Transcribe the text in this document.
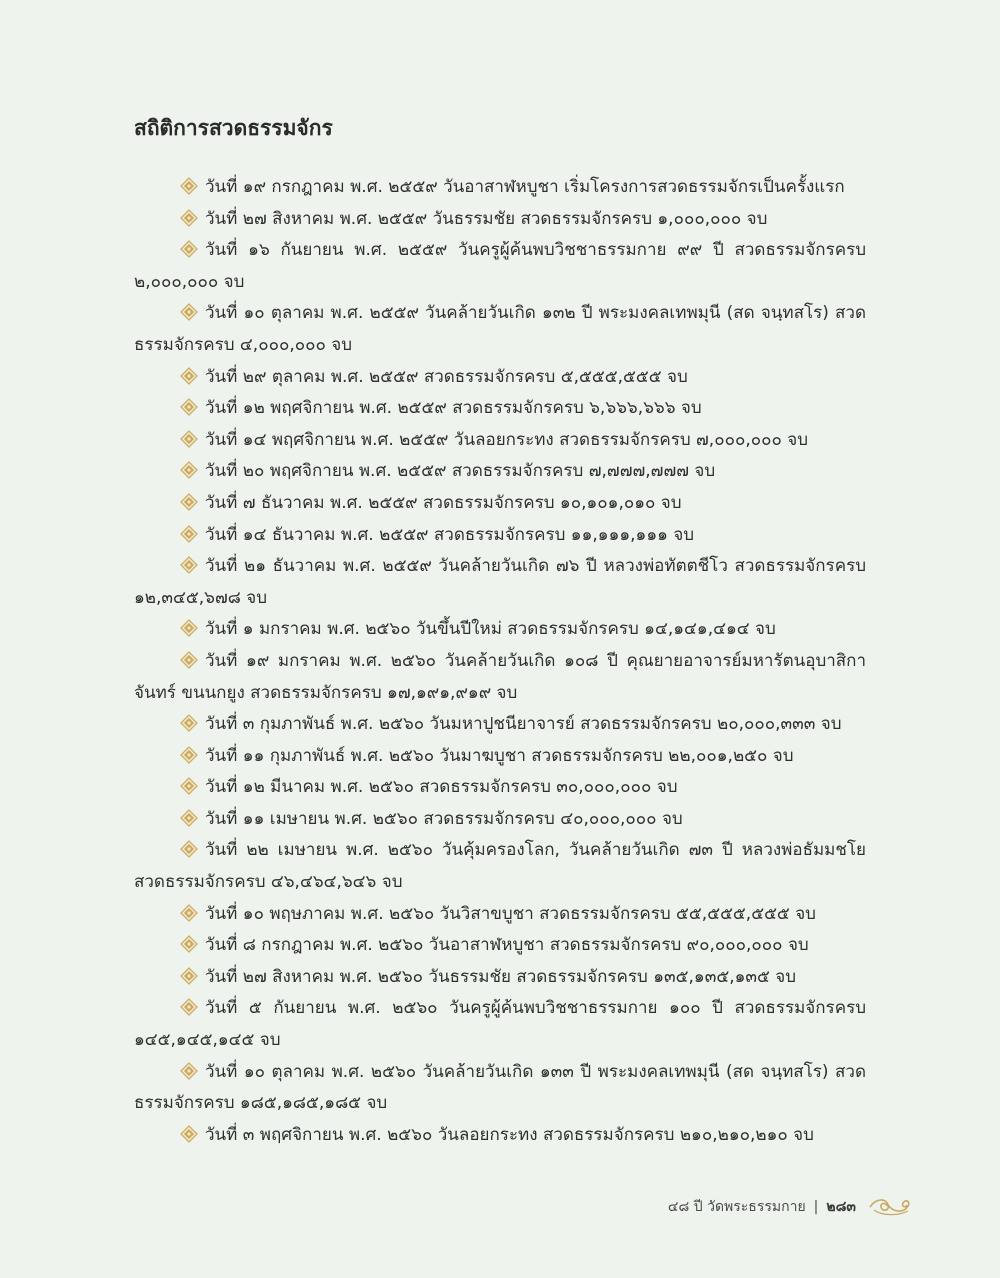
สถิติการสวดธรรมจักร
วันที่ ๑๙ กรกฎาคม พ.ศ. ๒๕๕๙ วันอาสาฬหบูชา เริ่มโครงการสวดธรรมจักรเป็นครั้งแรก
วันที่ ๒๗ สิงหาคม พ.ศ. ๒๕๕๙ วันธรรมชัย สวดธรรมจักรครบ ๑,๐๐๐,๐๐๐ จบ
วันที่ ๑๖ กันยายน พ.ศ. ๒๕๕๙ วันครูผู้ค้นพบวิชชาธรรมกาย ๙๙ ปี สวดธรรมจักรครบ ๒,๐๐๐,๐๐๐ จบ
วันที่ ๑๐ ตุลาคม พ.ศ. ๒๕๕๙ วันคล้ายวันเกิด ๑๓๒ ปี พระมงคลเทพมุนี (สด จนฺทสโร) สวดธรรมจักรครบ ๔,๐๐๐,๐๐๐ จบ
วันที่ ๒๙ ตุลาคม พ.ศ. ๒๕๕๙ สวดธรรมจักรครบ ๕,๕๕๕,๕๕๕ จบ
วันที่ ๑๒ พฤศจิกายน พ.ศ. ๒๕๕๙ สวดธรรมจักรครบ ๖,๖๖๖,๖๖๖ จบ
วันที่ ๑๔ พฤศจิกายน พ.ศ. ๒๕๕๙ วันลอยกระทง สวดธรรมจักรครบ ๗,๐๐๐,๐๐๐ จบ
วันที่ ๒๐ พฤศจิกายน พ.ศ. ๒๕๕๙ สวดธรรมจักรครบ ๗,๗๗๗,๗๗๗ จบ
วันที่ ๗ ธันวาคม พ.ศ. ๒๕๕๙ สวดธรรมจักรครบ ๑๐,๑๐๑,๐๑๐ จบ
วันที่ ๑๔ ธันวาคม พ.ศ. ๒๕๕๙ สวดธรรมจักรครบ ๑๑,๑๑๑,๑๑๑ จบ
วันที่ ๒๑ ธันวาคม พ.ศ. ๒๕๕๙ วันคล้ายวันเกิด ๗๖ ปี หลวงพ่อทัตตชีโว สวดธรรมจักรครบ ๑๒,๓๔๕,๖๗๘ จบ
วันที่ ๑ มกราคม พ.ศ. ๒๕๖๐ วันขึ้นปีใหม่ สวดธรรมจักรครบ ๑๔,๑๔๑,๔๑๔ จบ
วันที่ ๑๙ มกราคม พ.ศ. ๒๕๖๐ วันคล้ายวันเกิด ๑๐๘ ปี คุณยายอาจารย์มหารัตนอุบาสิกาจันทร์ ขนนกยูง สวดธรรมจักรครบ ๑๗,๑๙๑,๙๑๙ จบ
วันที่ ๓ กุมภาพันธ์ พ.ศ. ๒๕๖๐ วันมหาปูชนียาจารย์ สวดธรรมจักรครบ ๒๐,๐๐๐,๓๓๓ จบ
วันที่ ๑๑ กุมภาพันธ์ พ.ศ. ๒๕๖๐ วันมาฆบูชา สวดธรรมจักรครบ ๒๒,๐๐๑,๒๕๐ จบ
วันที่ ๑๒ มีนาคม พ.ศ. ๒๕๖๐ สวดธรรมจักรครบ ๓๐,๐๐๐,๐๐๐ จบ
วันที่ ๑๑ เมษายน พ.ศ. ๒๕๖๐ สวดธรรมจักรครบ ๔๐,๐๐๐,๐๐๐ จบ
วันที่ ๒๒ เมษายน พ.ศ. ๒๕๖๐ วันคุ้มครองโลก, วันคล้ายวันเกิด ๗๓ ปี หลวงพ่อธัมมชโย สวดธรรมจักรครบ ๔๖,๔๖๔,๖๔๖ จบ
วันที่ ๑๐ พฤษภาคม พ.ศ. ๒๕๖๐ วันวิสาขบูชา สวดธรรมจักรครบ ๕๕,๕๕๕,๕๕๕ จบ
วันที่ ๘ กรกฎาคม พ.ศ. ๒๕๖๐ วันอาสาฬหบูชา สวดธรรมจักรครบ ๙๐,๐๐๐,๐๐๐ จบ
วันที่ ๒๗ สิงหาคม พ.ศ. ๒๕๖๐ วันธรรมชัย สวดธรรมจักรครบ ๑๓๕,๑๓๕,๑๓๕ จบ
วันที่ ๕ กันยายน พ.ศ. ๒๕๖๐ วันครูผู้ค้นพบวิชชาธรรมกาย ๑๐๐ ปี สวดธรรมจักรครบ ๑๔๕,๑๔๕,๑๔๕ จบ
วันที่ ๑๐ ตุลาคม พ.ศ. ๒๕๖๐ วันคล้ายวันเกิด ๑๓๓ ปี พระมงคลเทพมุนี (สด จนฺทสโร) สวดธรรมจักรครบ ๑๘๕,๑๘๕,๑๘๕ จบ
วันที่ ๓ พฤศจิกายน พ.ศ. ๒๕๖๐ วันลอยกระทง สวดธรรมจักรครบ ๒๑๐,๒๑๐,๒๑๐ จบ
๔๘ ปี วัดพระธรรมกาย | ๒๘๓
